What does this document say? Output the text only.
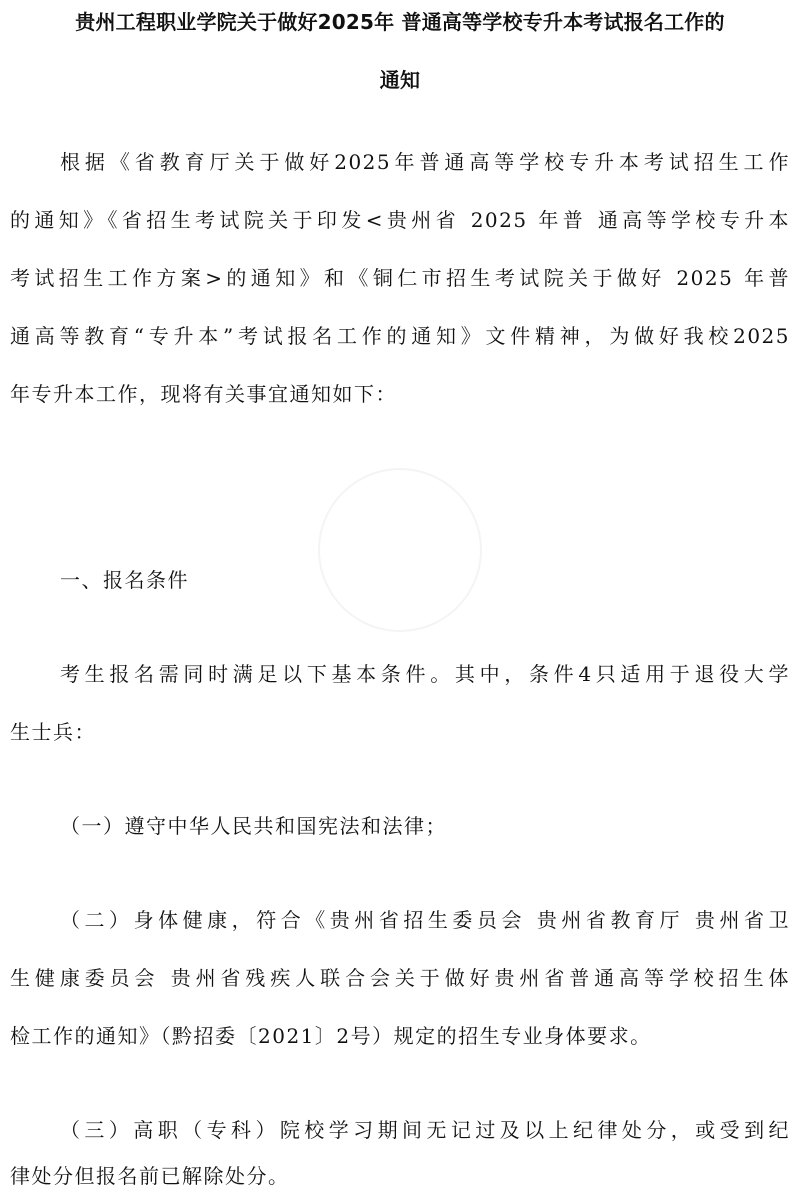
贵州工程职业学院关于做好2025年 普通高等学校专升本考试报名工作的
通知
根据《省教育厅关于做好2025年普通高等学校专升本考试招生工作
的通知》《省招生考试院关于印发<贵州省 2025 年普 通高等学校专升本
考试招生工作方案>的通知》和《铜仁市招生考试院关于做好 2025 年普
通高等教育“专升本”考试报名工作的通知》文件精神，为做好我校2025
年专升本工作，现将有关事宜通知如下：
一、报名条件
考生报名需同时满足以下基本条件。其中，条件4只适用于退役大学
生士兵：
（一）遵守中华人民共和国宪法和法律；
（二）身体健康，符合《贵州省招生委员会 贵州省教育厅 贵州省卫
生健康委员会 贵州省残疾人联合会关于做好贵州省普通高等学校招生体
检工作的通知》（黔招委〔2021〕2号）规定的招生专业身体要求。
（三）高职（专科）院校学习期间无记过及以上纪律处分，或受到纪
律处分但报名前已解除处分。
